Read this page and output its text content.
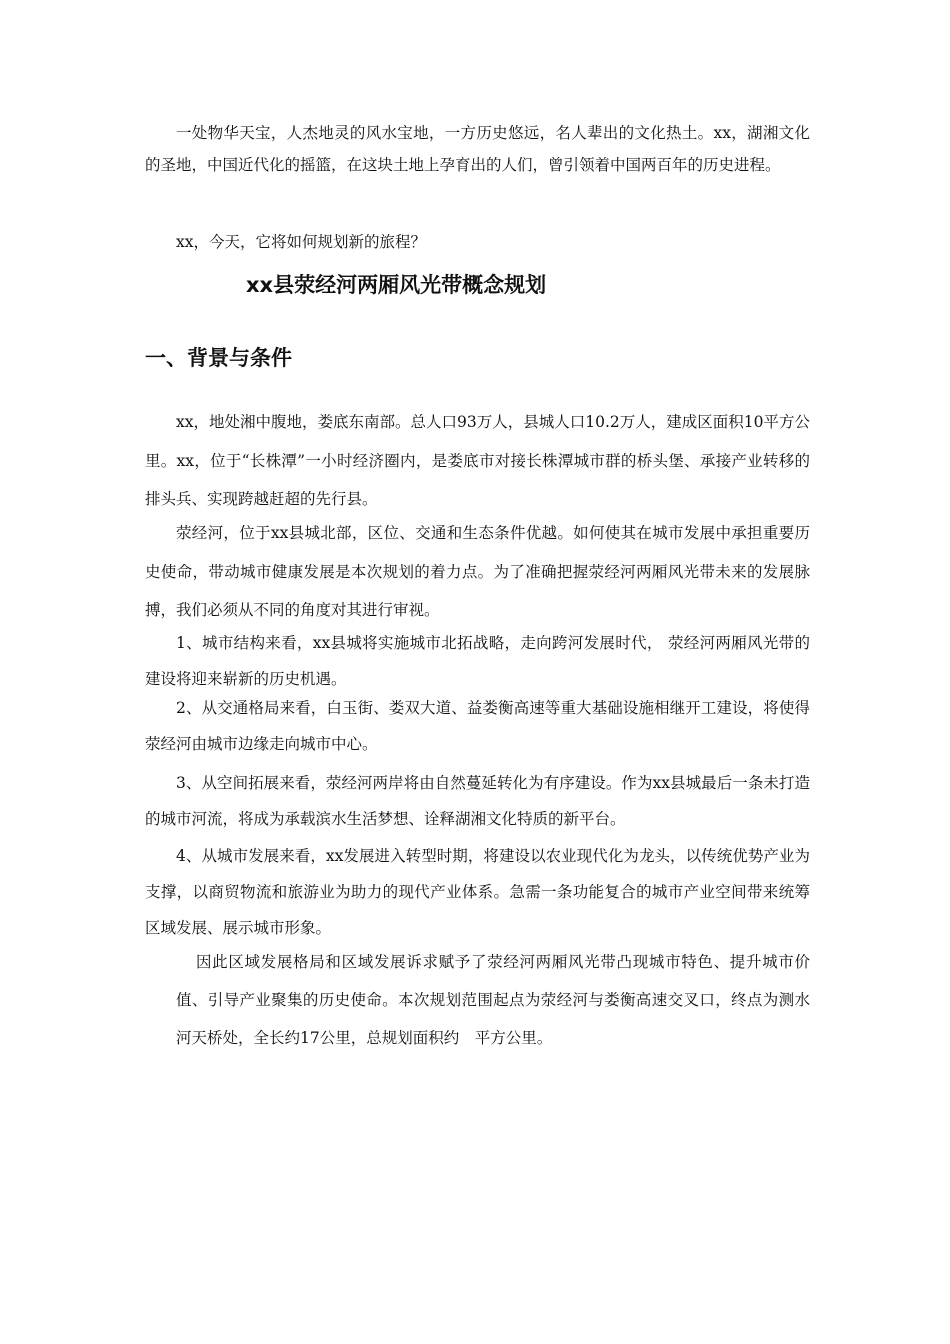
一处物华天宝，人杰地灵的风水宝地，一方历史悠远，名人辈出的文化热土。xx，湖湘文化的圣地，中国近代化的摇篮，在这块土地上孕育出的人们，曾引领着中国两百年的历史进程。

xx，今天，它将如何规划新的旅程？

xx县荥经河两厢风光带概念规划
一、背景与条件

xx，地处湘中腹地，娄底东南部。总人口93万人，县城人口10.2万人，建成区面积10平方公里。xx，位于“长株潭”一小时经济圈内，是娄底市对接长株潭城市群的桥头堡、承接产业转移的排头兵、实现跨越赶超的先行县。

荥经河，位于xx县城北部，区位、交通和生态条件优越。如何使其在城市发展中承担重要历史使命，带动城市健康发展是本次规划的着力点。为了准确把握荥经河两厢风光带未来的发展脉搏，我们必须从不同的角度对其进行审视。

1、城市结构来看，xx县城将实施城市北拓战略，走向跨河发展时代， 荥经河两厢风光带的建设将迎来崭新的历史机遇。

2、从交通格局来看，白玉街、娄双大道、益娄衡高速等重大基础设施相继开工建设，将使得荥经河由城市边缘走向城市中心。

3、从空间拓展来看，荥经河两岸将由自然蔓延转化为有序建设。作为xx县城最后一条未打造的城市河流，将成为承载滨水生活梦想、诠释湖湘文化特质的新平台。

4、从城市发展来看，xx发展进入转型时期，将建设以农业现代化为龙头，以传统优势产业为支撑，以商贸物流和旅游业为助力的现代产业体系。急需一条功能复合的城市产业空间带来统筹区域发展、展示城市形象。

因此区域发展格局和区域发展诉求赋予了荥经河两厢风光带凸现城市特色、提升城市价值、引导产业聚集的历史使命。本次规划范围起点为荥经河与娄衡高速交叉口，终点为测水河天桥处，全长约17公里，总规划面积约　平方公里。
